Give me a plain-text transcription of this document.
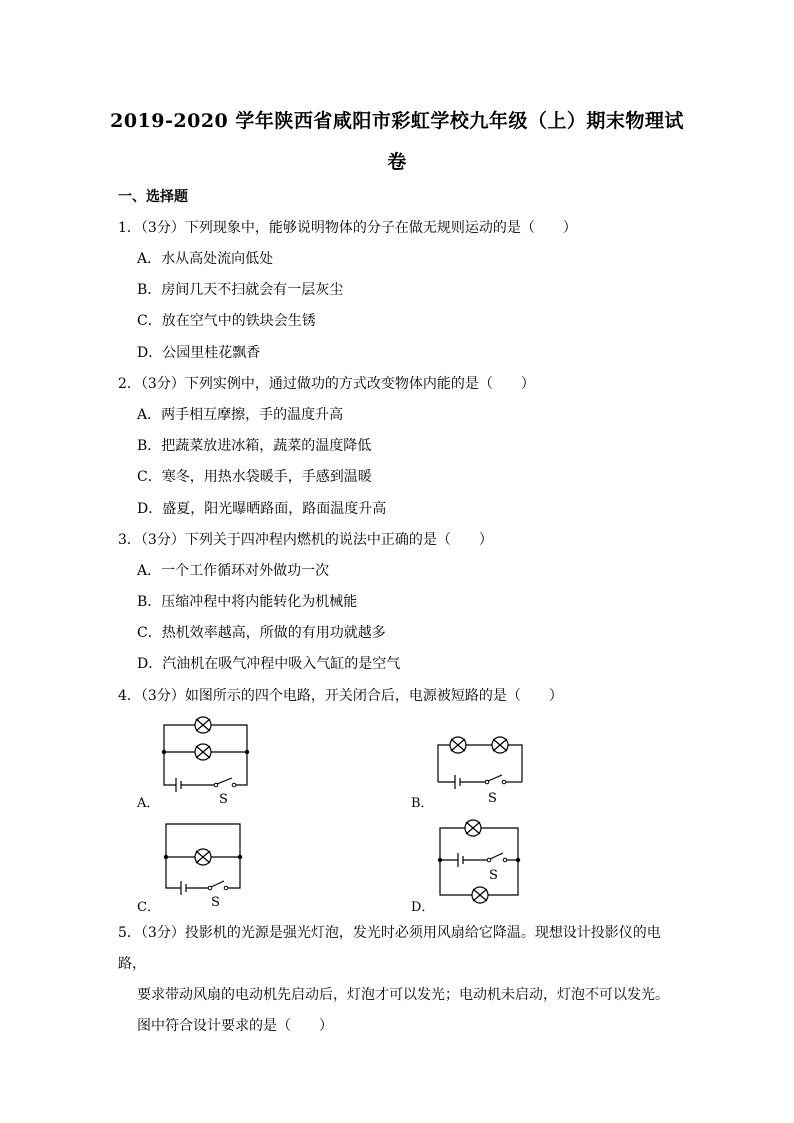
2019-2020 学年陕西省咸阳市彩虹学校九年级（上）期末物理试
卷
一、选择题
1．（3分）下列现象中，能够说明物体的分子在做无规则运动的是（　　）
A．水从高处流向低处
B．房间几天不扫就会有一层灰尘
C．放在空气中的铁块会生锈
D．公园里桂花飘香
2．（3分）下列实例中，通过做功的方式改变物体内能的是（　　）
A．两手相互摩擦，手的温度升高
B．把蔬菜放进冰箱，蔬菜的温度降低
C．寒冬，用热水袋暖手，手感到温暖
D．盛夏，阳光曝晒路面，路面温度升高
3．（3分）下列关于四冲程内燃机的说法中正确的是（　　）
A．一个工作循环对外做功一次
B．压缩冲程中将内能转化为机械能
C．热机效率越高，所做的有用功就越多
D．汽油机在吸气冲程中吸入气缸的是空气
4．（3分）如图所示的四个电路，开关闭合后，电源被短路的是（　　）
A．	S	B．	S
C．	S	D．
S
5．（3分）投影机的光源是强光灯泡，发光时必须用风扇给它降温。现想设计投影仪的电路，
要求带动风扇的电动机先启动后，灯泡才可以发光；电动机未启动，灯泡不可以发光。
图中符合设计要求的是（　　）
